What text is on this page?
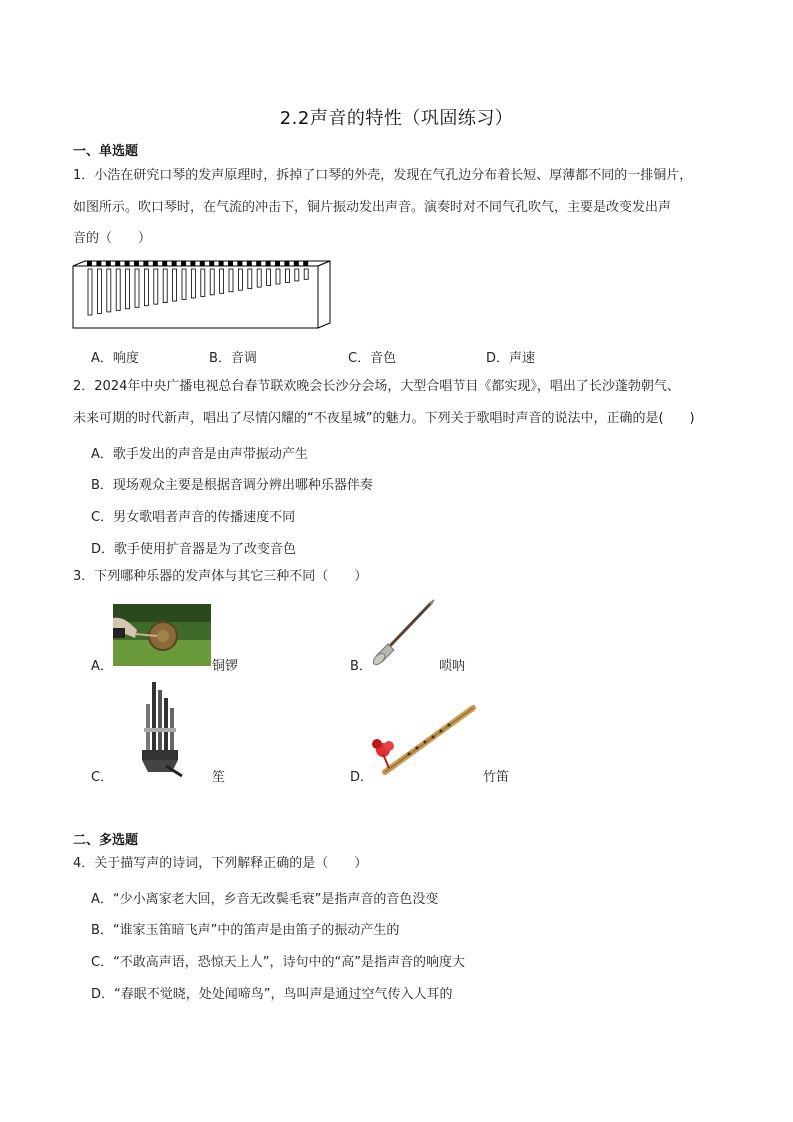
2.2声音的特性（巩固练习）
一、单选题
1．小浩在研究口琴的发声原理时，拆掉了口琴的外壳，发现在气孔边分布着长短、厚薄都不同的一排铜片，
如图所示。吹口琴时，在气流的冲击下，铜片振动发出声音。演奏时对不同气孔吹气，主要是改变发出声
音的（　　）
A．响度	B．音调	C．音色	D．声速
2．2024年中央广播电视总台春节联欢晚会长沙分会场，大型合唱节目《都实现》，唱出了长沙蓬勃朝气、
未来可期的时代新声，唱出了尽情闪耀的“不夜星城”的魅力。下列关于歌唱时声音的说法中，正确的是(　　)
A．歌手发出的声音是由声带振动产生
B．现场观众主要是根据音调分辨出哪种乐器伴奏
C．男女歌唱者声音的传播速度不同
D．歌手使用扩音器是为了改变音色
3．下列哪种乐器的发声体与其它三种不同（　　）
A．	铜锣	B．	唢呐
C．	笙	D．	竹笛
二、多选题
4．关于描写声的诗词，下列解释正确的是（　　）
A．“少小离家老大回，乡音无改鬓毛衰”是指声音的音色没变
B．“谁家玉笛暗飞声”中的笛声是由笛子的振动产生的
C．“不敢高声语，恐惊天上人”，诗句中的“高”是指声音的响度大
D．“春眠不觉晓，处处闻啼鸟”，鸟叫声是通过空气传入人耳的
